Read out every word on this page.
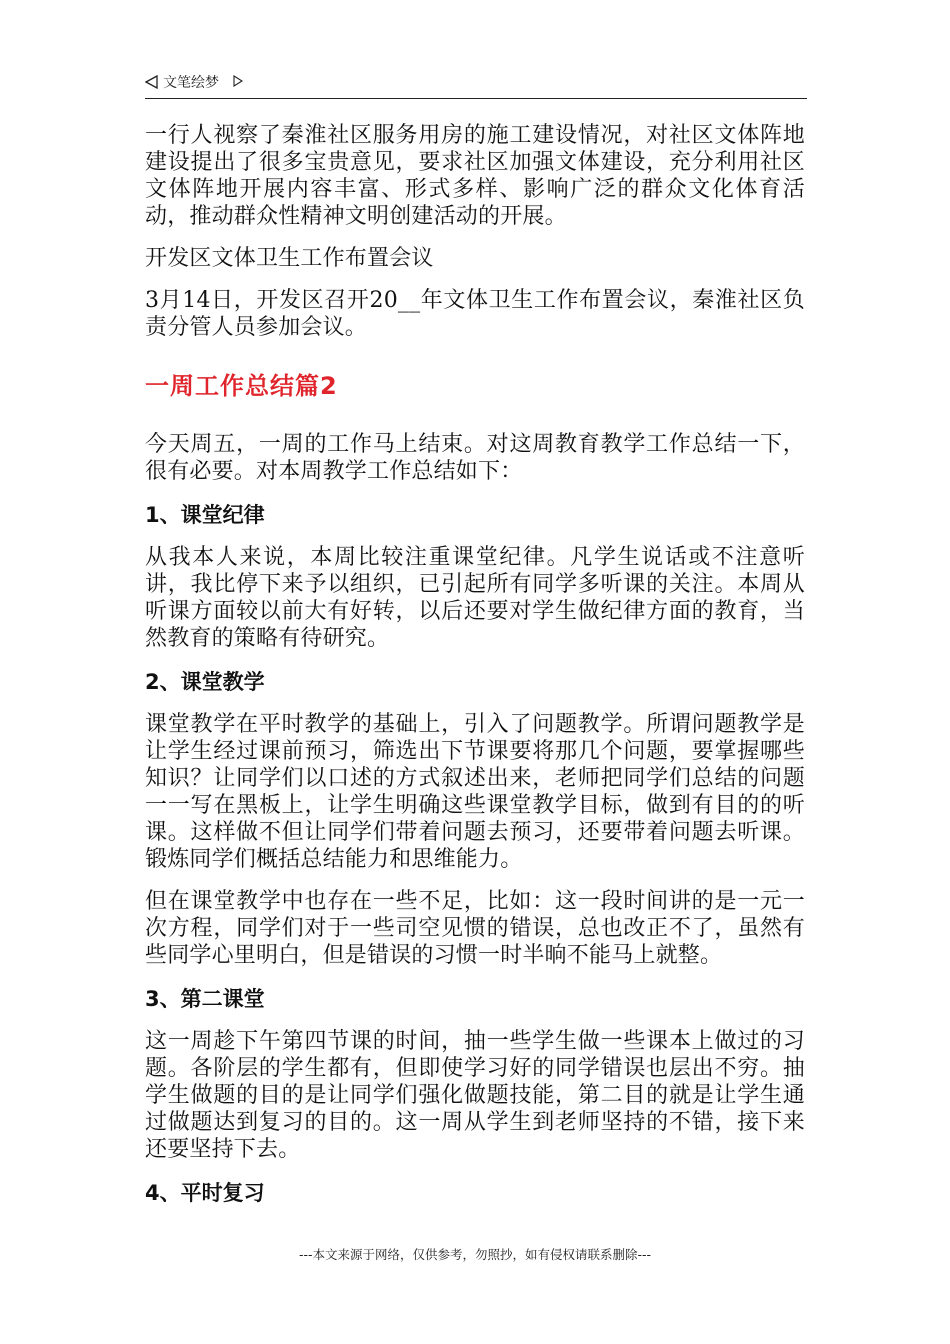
文笔绘梦

一行人视察了秦淮社区服务用房的施工建设情况，对社区文体阵地建设提出了很多宝贵意见，要求社区加强文体建设，充分利用社区文体阵地开展内容丰富、形式多样、影响广泛的群众文化体育活动，推动群众性精神文明创建活动的开展。

开发区文体卫生工作布置会议

3月14日，开发区召开20__年文体卫生工作布置会议，秦淮社区负责分管人员参加会议。

一周工作总结篇2

今天周五，一周的工作马上结束。对这周教育教学工作总结一下，很有必要。对本周教学工作总结如下：

1、课堂纪律

从我本人来说，本周比较注重课堂纪律。凡学生说话或不注意听讲，我比停下来予以组织，已引起所有同学多听课的关注。本周从听课方面较以前大有好转，以后还要对学生做纪律方面的教育，当然教育的策略有待研究。

2、课堂教学

课堂教学在平时教学的基础上，引入了问题教学。所谓问题教学是让学生经过课前预习，筛选出下节课要将那几个问题，要掌握哪些知识？让同学们以口述的方式叙述出来，老师把同学们总结的问题一一写在黑板上，让学生明确这些课堂教学目标，做到有目的的听课。这样做不但让同学们带着问题去预习，还要带着问题去听课。锻炼同学们概括总结能力和思维能力。

但在课堂教学中也存在一些不足，比如：这一段时间讲的是一元一次方程，同学们对于一些司空见惯的错误，总也改正不了，虽然有些同学心里明白，但是错误的习惯一时半晌不能马上就整。

3、第二课堂

这一周趁下午第四节课的时间，抽一些学生做一些课本上做过的习题。各阶层的学生都有，但即使学习好的同学错误也层出不穷。抽学生做题的目的是让同学们强化做题技能，第二目的就是让学生通过做题达到复习的目的。这一周从学生到老师坚持的不错，接下来还要坚持下去。

4、平时复习
---本文来源于网络，仅供参考，勿照抄，如有侵权请联系删除---
